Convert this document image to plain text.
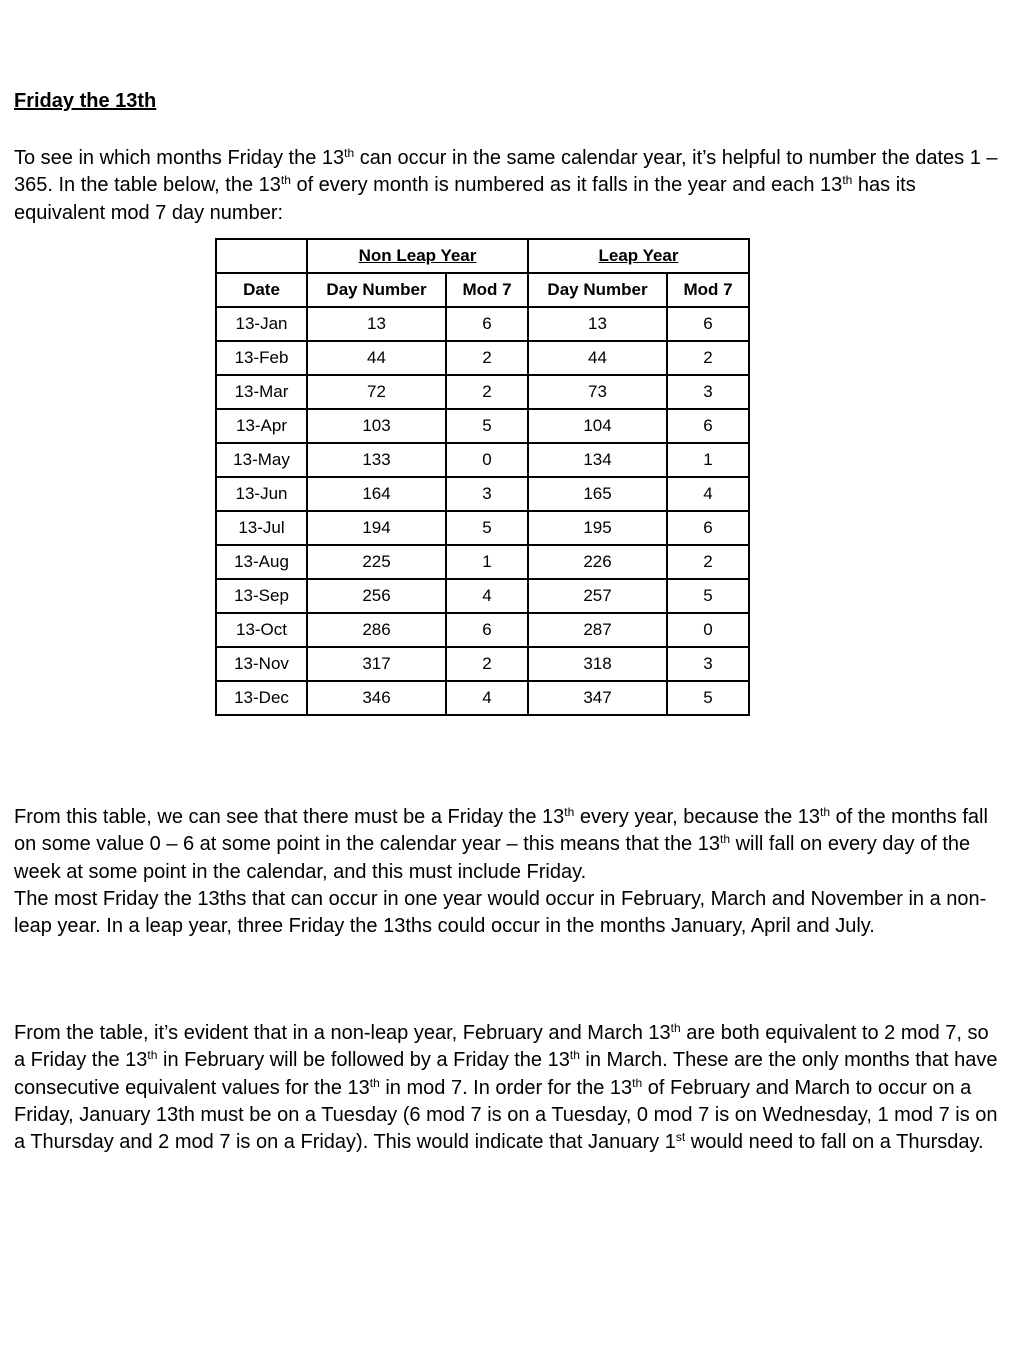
Friday the 13th

To see in which months Friday the 13th can occur in the same calendar year, it’s helpful to number the dates 1 – 365. In the table below, the 13th of every month is numbered as it falls in the year and each 13th has its equivalent mod 7 day number:

From this table, we can see that there must be a Friday the 13th every year, because the 13th of the months fall on some value 0 – 6 at some point in the calendar year – this means that the 13th will fall on every day of the week at some point in the calendar, and this must include Friday.
The most Friday the 13ths that can occur in one year would occur in February, March and November in a non-leap year. In a leap year, three Friday the 13ths could occur in the months January, April and July.

From the table, it’s evident that in a non-leap year, February and March 13th are both equivalent to 2 mod 7, so a Friday the 13th in February will be followed by a Friday the 13th in March. These are the only months that have consecutive equivalent values for the 13th in mod 7. In order for the 13th of February and March to occur on a Friday, January 13th must be on a Tuesday (6 mod 7 is on a Tuesday, 0 mod 7 is on Wednesday, 1 mod 7 is on a Thursday and 2 mod 7 is on a Friday). This would indicate that January 1st would need to fall on a Thursday.

	Non Leap Year		Leap Year	
Date	Day Number	Mod 7	Day Number	Mod 7
13-Jan	13	6	13	6
13-Feb	44	2	44	2
13-Mar	72	2	73	3
13-Apr	103	5	104	6
13-May	133	0	134	1
13-Jun	164	3	165	4
13-Jul	194	5	195	6
13-Aug	225	1	226	2
13-Sep	256	4	257	5
13-Oct	286	6	287	0
13-Nov	317	2	318	3
13-Dec	346	4	347	5
